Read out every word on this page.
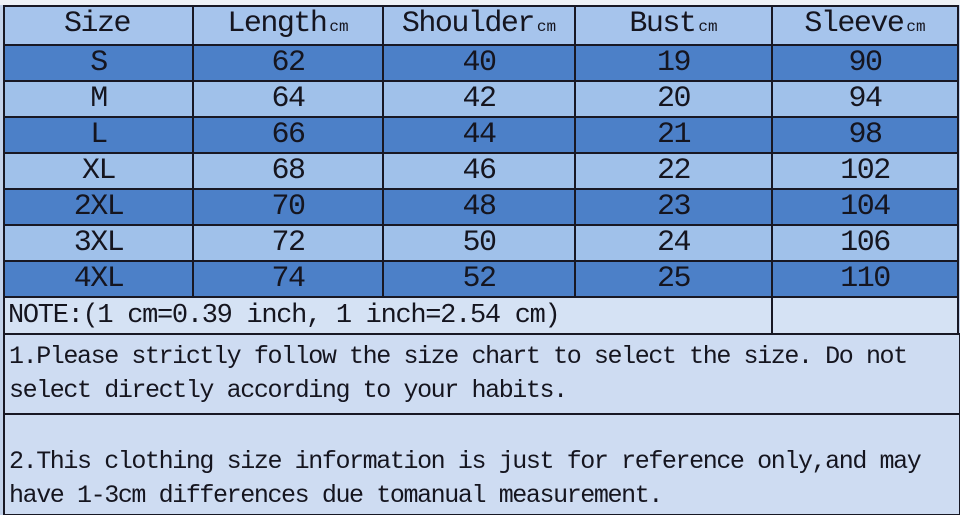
Size	Length cm	Shoulder cm	Bust cm	Sleeve cm
S	62	40	19	90
M	64	42	20	94
L	66	44	21	98
XL	68	46	22	102
2XL	70	48	23	104
3XL	72	50	24	106
4XL	74	52	25	110
NOTE:(1 cm=0.39 inch, 1 inch=2.54 cm)				
1.Please strictly follow the size chart to select the size. Do not
select directly according to your habits.
2.This clothing size information is just for reference only,and may
have 1-3cm differences due tomanual measurement.
